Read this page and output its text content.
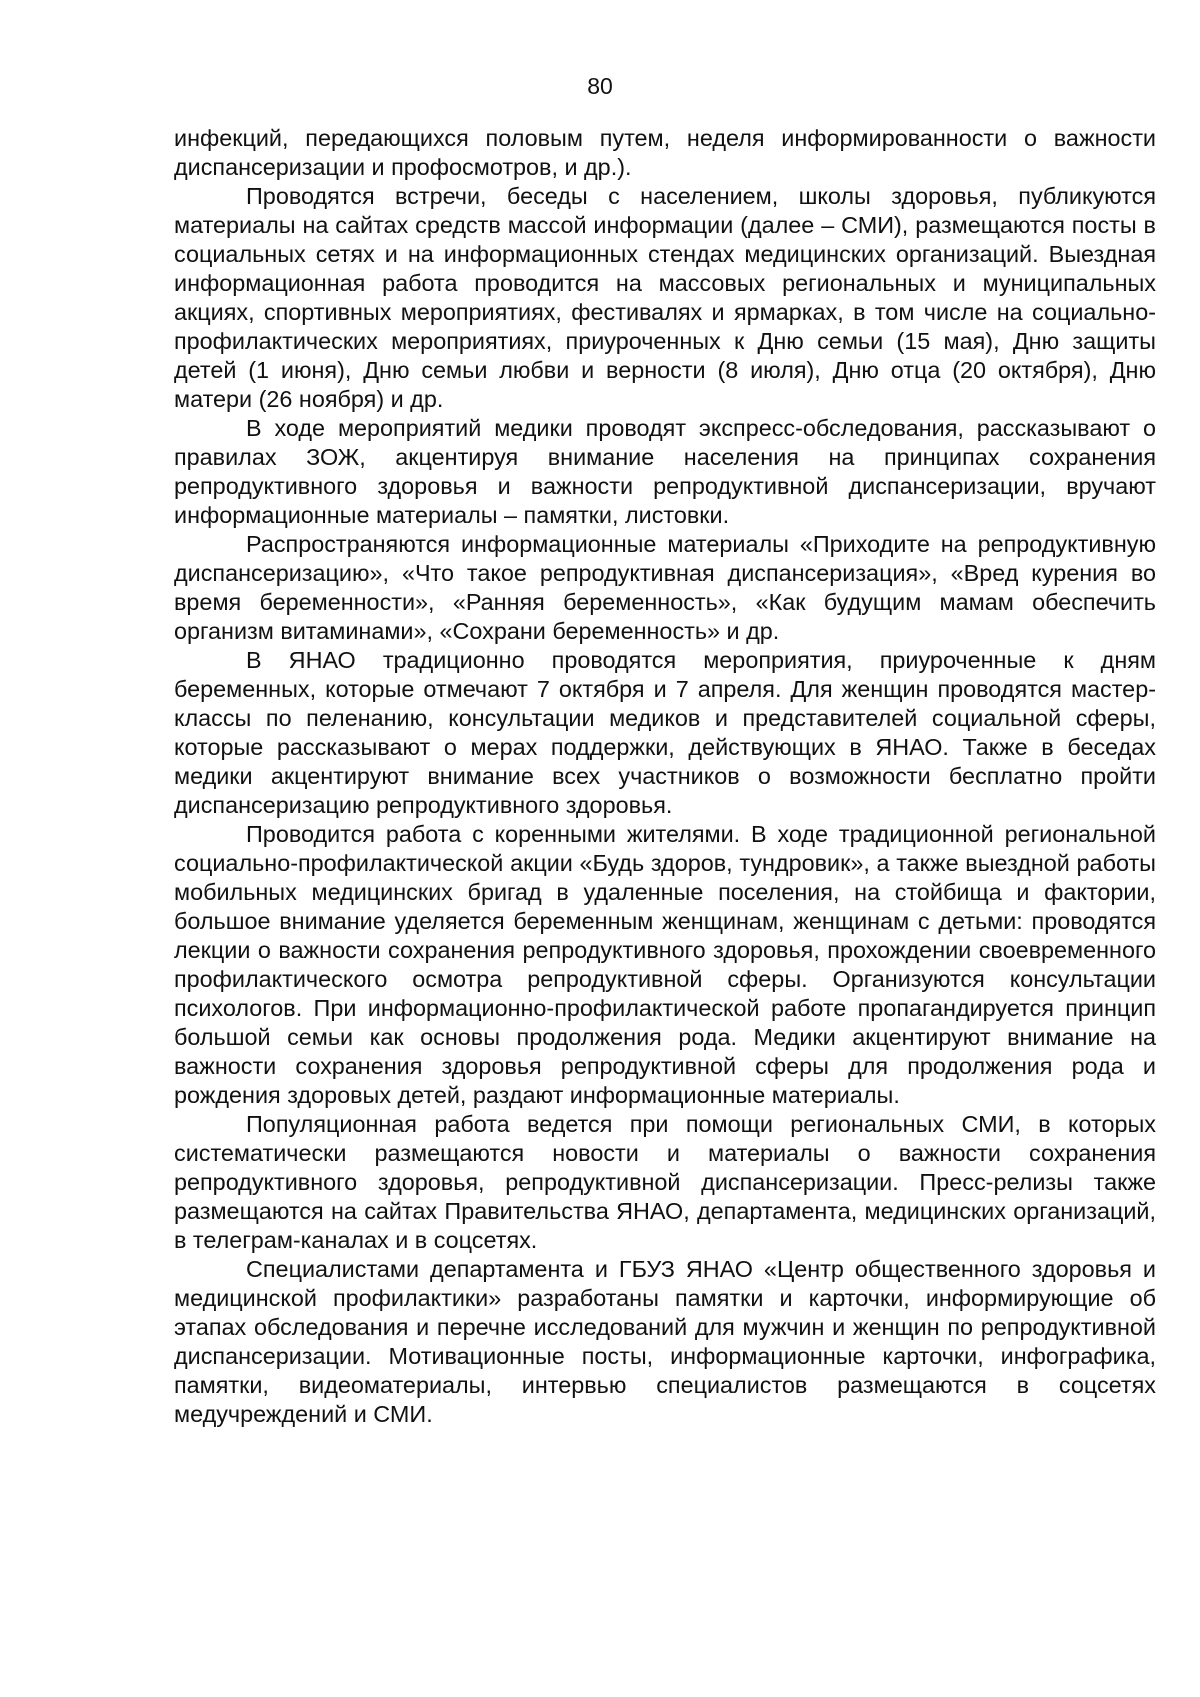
80

инфекций, передающихся половым путем, неделя информированности о важности диспансеризации и профосмотров, и др.).

Проводятся встречи, беседы с населением, школы здоровья, публикуются материалы на сайтах средств массой информации (далее – СМИ), размещаются посты в социальных сетях и на информационных стендах медицинских организаций. Выездная информационная работа проводится на массовых региональных и муниципальных акциях, спортивных мероприятиях, фестивалях и ярмарках, в том числе на социально-профилактических мероприятиях, приуроченных к Дню семьи (15 мая), Дню защиты детей (1 июня), Дню семьи любви и верности (8 июля), Дню отца (20 октября), Дню матери (26 ноября) и др.

В ходе мероприятий медики проводят экспресс-обследования, рассказывают о правилах ЗОЖ, акцентируя внимание населения на принципах сохранения репродуктивного здоровья и важности репродуктивной диспансеризации, вручают информационные материалы – памятки, листовки.

Распространяются информационные материалы «Приходите на репродуктивную диспансеризацию», «Что такое репродуктивная диспансеризация», «Вред курения во время беременности», «Ранняя беременность», «Как будущим мамам обеспечить организм витаминами», «Сохрани беременность» и др.

В ЯНАО традиционно проводятся мероприятия, приуроченные к дням беременных, которые отмечают 7 октября и 7 апреля. Для женщин проводятся мастер-классы по пеленанию, консультации медиков и представителей социальной сферы, которые рассказывают о мерах поддержки, действующих в ЯНАО. Также в беседах медики акцентируют внимание всех участников о возможности бесплатно пройти диспансеризацию репродуктивного здоровья.

Проводится работа с коренными жителями. В ходе традиционной региональной социально-профилактической акции «Будь здоров, тундровик», а также выездной работы мобильных медицинских бригад в удаленные поселения, на стойбища и фактории, большое внимание уделяется беременным женщинам, женщинам с детьми: проводятся лекции о важности сохранения репродуктивного здоровья, прохождении своевременного профилактического осмотра репродуктивной сферы. Организуются консультации психологов. При информационно-профилактической работе пропагандируется принцип большой семьи как основы продолжения рода. Медики акцентируют внимание на важности сохранения здоровья репродуктивной сферы для продолжения рода и рождения здоровых детей, раздают информационные материалы.

Популяционная работа ведется при помощи региональных СМИ, в которых систематически размещаются новости и материалы о важности сохранения репродуктивного здоровья, репродуктивной диспансеризации. Пресс-релизы также размещаются на сайтах Правительства ЯНАО, департамента, медицинских организаций, в телеграм-каналах и в соцсетях.

Специалистами департамента и ГБУЗ ЯНАО «Центр общественного здоровья и медицинской профилактики» разработаны памятки и карточки, информирующие об этапах обследования и перечне исследований для мужчин и женщин по репродуктивной диспансеризации. Мотивационные посты, информационные карточки, инфографика, памятки, видеоматериалы, интервью специалистов размещаются в соцсетях медучреждений и СМИ.
